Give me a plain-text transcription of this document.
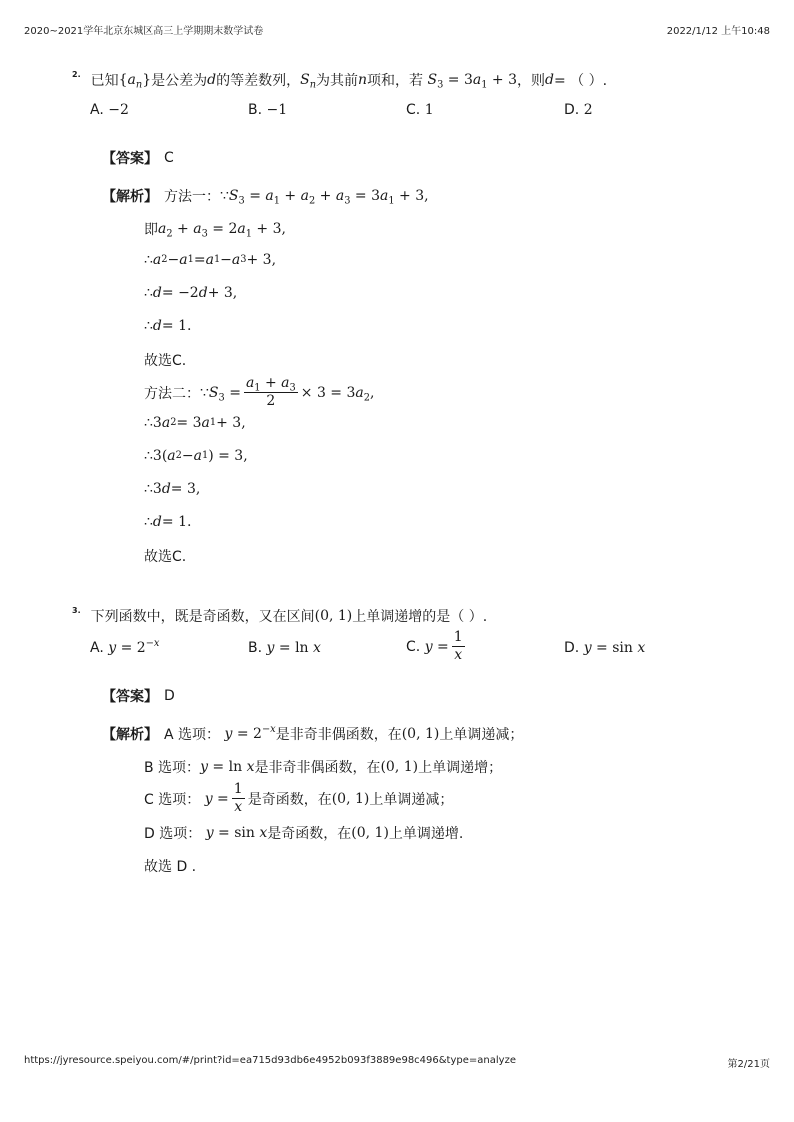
2020~2021学年北京东城区高三上学期期末数学试卷	2022/1/12 上午10:48
2. 已知 $\{a_n\}$ 是公差为 d 的等差数列， $S_n$ 为其前 n 项和，若 $S_3 = 3a_1 + 3$ ，则 d = （ ）.
A.
−2	B.
−1	C.
1	D.
2
【答案】 C
【解析】 方法一： $\because S_3 = a_1 + a_2 + a_3 = 3a_1 + 3$,
即 $a_2 + a_3 = 2a_1 + 3$,
∴ a 2 − a 1 = a 1 − a 3 + 3,
∴ d = −2 d + 3,
∴ d = 1.
故选C.
方法二： $\because S_3 = \frac{a_1 + a_3}{2} \times 3 = 3a_2$,
∴3 a 2 = 3 a 1 + 3,
∴3( a 2 − a 1 ) = 3,
∴3 d = 3,
∴ d = 1.
故选C.
3. 下列函数中，既是奇函数，又在区间 (0, 1) 上单调递增的是（ ）.
A.
$y = 2^{-x}$	B.
y = ln x	C.
$y = \frac{1}{x}$	D.
y = sin x
【答案】 D
【解析】 A 选项： $y = 2^{-x}$ 是非奇非偶函数，在 (0, 1) 上单调递减；
B 选项： y = ln x 是非奇非偶函数，在 (0, 1) 上单调递增；
C 选项： $y = \frac{1}{x}$ 是奇函数，在 (0, 1) 上单调递减；
D 选项： y = sin x 是奇函数，在 (0, 1) 上单调递增.
故选 D .
https://jyresource.speiyou.com/#/print?id=ea715d93db6e4952b093f3889e98c496&type=analyze	第2/21页
